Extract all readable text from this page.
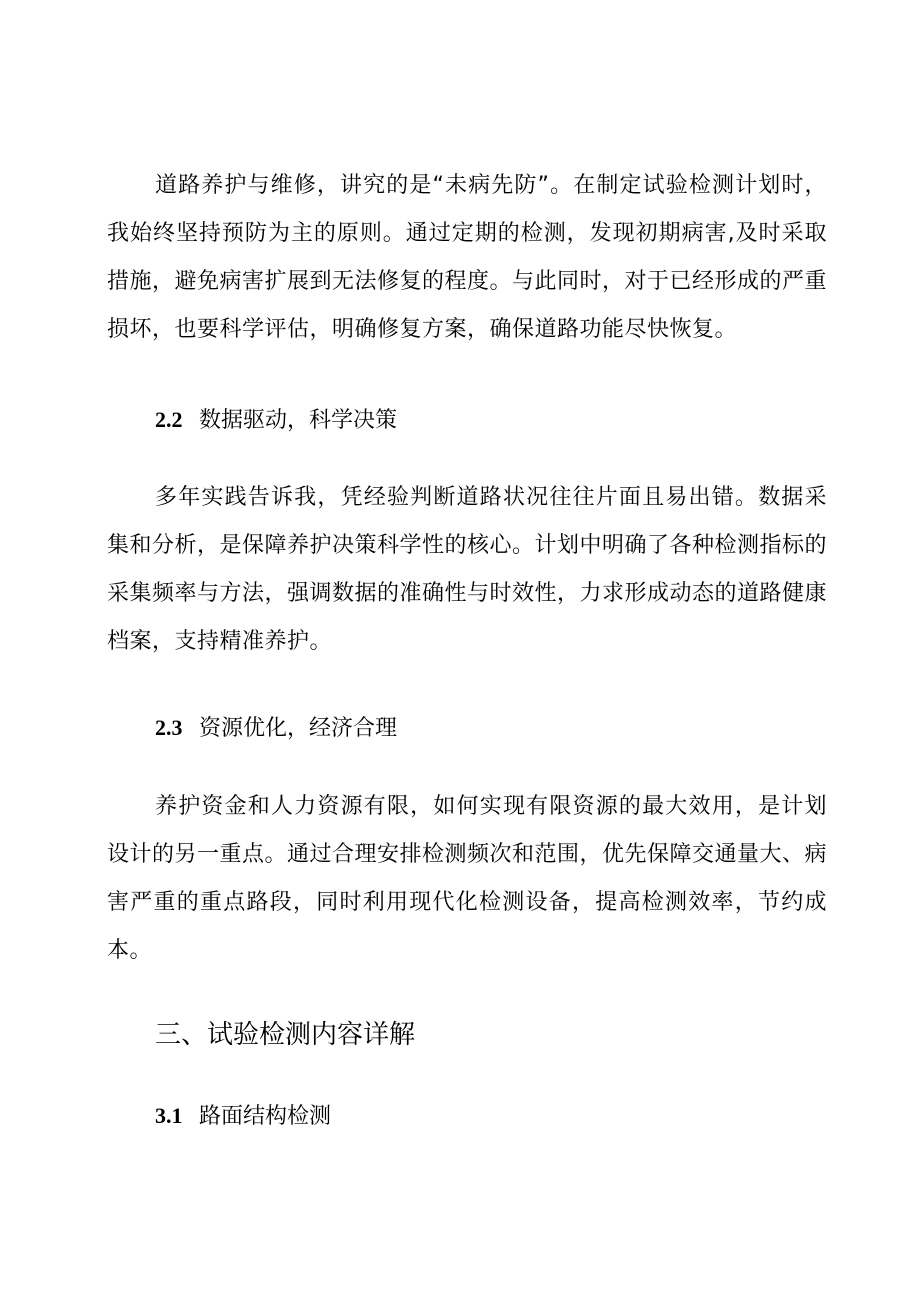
道路养护与维修，讲究的是“未病先防”。在制定试验检测计划时，我始终坚持预防为主的原则。通过定期的检测，发现初期病害,及时采取措施，避免病害扩展到无法修复的程度。与此同时，对于已经形成的严重损坏，也要科学评估，明确修复方案，确保道路功能尽快恢复。

2.2 数据驱动，科学决策

多年实践告诉我，凭经验判断道路状况往往片面且易出错。数据采集和分析，是保障养护决策科学性的核心。计划中明确了各种检测指标的采集频率与方法，强调数据的准确性与时效性，力求形成动态的道路健康档案，支持精准养护。

2.3 资源优化，经济合理

养护资金和人力资源有限，如何实现有限资源的最大效用，是计划设计的另一重点。通过合理安排检测频次和范围，优先保障交通量大、病害严重的重点路段，同时利用现代化检测设备，提高检测效率，节约成本。

三、试验检测内容详解
3.1 路面结构检测
